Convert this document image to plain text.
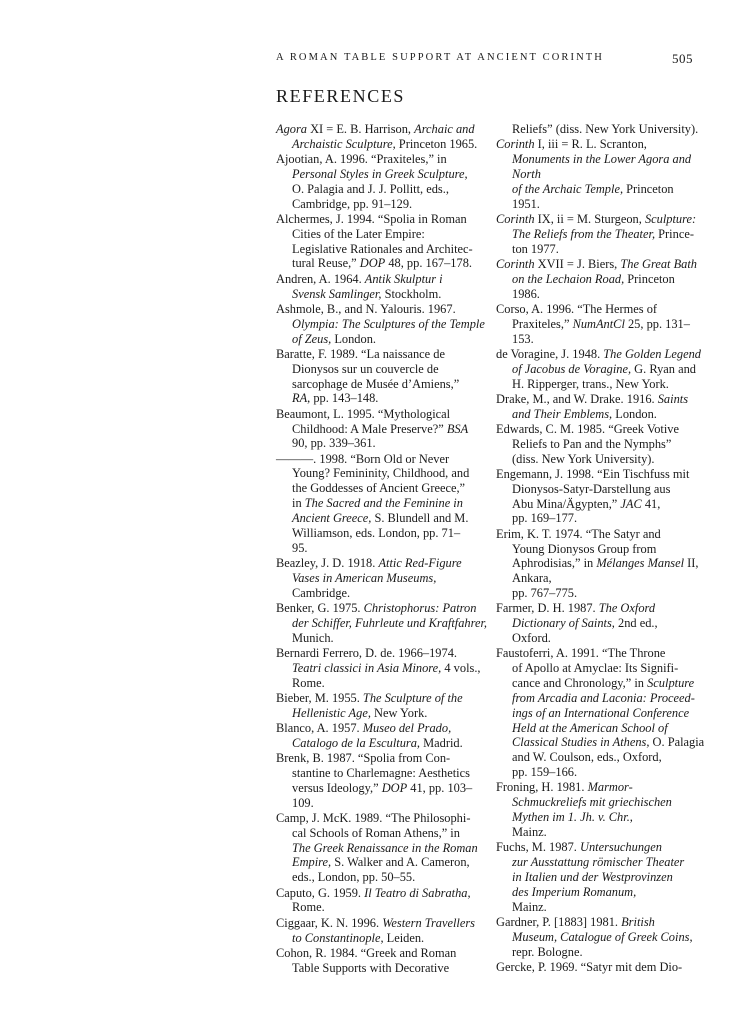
A ROMAN TABLE SUPPORT AT ANCIENT CORINTH	505
REFERENCES
Agora XI = E. B. Harrison, Archaic and
Archaistic Sculpture, Princeton 1965.
Ajootian, A. 1996. “Praxiteles,” in
Personal Styles in Greek Sculpture,
O. Palagia and J. J. Pollitt, eds.,
Cambridge, pp. 91–129.
Alchermes, J. 1994. “Spolia in Roman
Cities of the Later Empire:
Legislative Rationales and Architec-
tural Reuse,” DOP 48, pp. 167–178.
Andren, A. 1964. Antik Skulptur i
Svensk Samlinger, Stockholm.
Ashmole, B., and N. Yalouris. 1967.
Olympia: The Sculptures of the Temple
of Zeus, London.
Baratte, F. 1989. “La naissance de
Dionysos sur un couvercle de
sarcophage de Musée d’Amiens,”
RA, pp. 143–148.
Beaumont, L. 1995. “Mythological
Childhood: A Male Preserve?” BSA
90, pp. 339–361.
———. 1998. “Born Old or Never
Young? Femininity, Childhood, and
the Goddesses of Ancient Greece,”
in The Sacred and the Feminine in
Ancient Greece, S. Blundell and M.
Williamson, eds. London, pp. 71–
95.
Beazley, J. D. 1918. Attic Red-Figure
Vases in American Museums,
Cambridge.
Benker, G. 1975. Christophorus: Patron
der Schiffer, Fuhrleute und Kraftfahrer,
Munich.
Bernardi Ferrero, D. de. 1966–1974.
Teatri classici in Asia Minore, 4 vols.,
Rome.
Bieber, M. 1955. The Sculpture of the
Hellenistic Age, New York.
Blanco, A. 1957. Museo del Prado,
Catalogo de la Escultura, Madrid.
Brenk, B. 1987. “Spolia from Con-
stantine to Charlemagne: Aesthetics
versus Ideology,” DOP 41, pp. 103–
109.
Camp, J. McK. 1989. “The Philosophi-
cal Schools of Roman Athens,” in
The Greek Renaissance in the Roman
Empire, S. Walker and A. Cameron,
eds., London, pp. 50–55.
Caputo, G. 1959. Il Teatro di Sabratha,
Rome.
Ciggaar, K. N. 1996. Western Travellers
to Constantinople, Leiden.
Cohon, R. 1984. “Greek and Roman
Table Supports with Decorative
Reliefs” (diss. New York University).
Corinth I, iii = R. L. Scranton,
Monuments in the Lower Agora and
North
of the Archaic Temple, Princeton
1951.
Corinth IX, ii = M. Sturgeon, Sculpture:
The Reliefs from the Theater, Prince-
ton 1977.
Corinth XVII = J. Biers, The Great Bath
on the Lechaion Road, Princeton
1986.
Corso, A. 1996. “The Hermes of
Praxiteles,” NumAntCl 25, pp. 131–
153.
de Voragine, J. 1948. The Golden Legend
of Jacobus de Voragine, G. Ryan and
H. Ripperger, trans., New York.
Drake, M., and W. Drake. 1916. Saints
and Their Emblems, London.
Edwards, C. M. 1985. “Greek Votive
Reliefs to Pan and the Nymphs”
(diss. New York University).
Engemann, J. 1998. “Ein Tischfuss mit
Dionysos-Satyr-Darstellung aus
Abu Mina/Ägypten,” JAC 41,
pp. 169–177.
Erim, K. T. 1974. “The Satyr and
Young Dionysos Group from
Aphrodisias,” in Mélanges Mansel II,
Ankara,
pp. 767–775.
Farmer, D. H. 1987. The Oxford
Dictionary of Saints, 2nd ed.,
Oxford.
Faustoferri, A. 1991. “The Throne
of Apollo at Amyclae: Its Signifi-
cance and Chronology,” in Sculpture
from Arcadia and Laconia: Proceed-
ings of an International Conference
Held at the American School of
Classical Studies in Athens, O. Palagia
and W. Coulson, eds., Oxford,
pp. 159–166.
Froning, H. 1981. Marmor-
Schmuckreliefs mit griechischen
Mythen im 1. Jh. v. Chr.,
Mainz.
Fuchs, M. 1987. Untersuchungen
zur Ausstattung römischer Theater
in Italien und der Westprovinzen
des Imperium Romanum,
Mainz.
Gardner, P. [1883] 1981. British
Museum, Catalogue of Greek Coins,
repr. Bologne.
Gercke, P. 1969. “Satyr mit dem Dio-
